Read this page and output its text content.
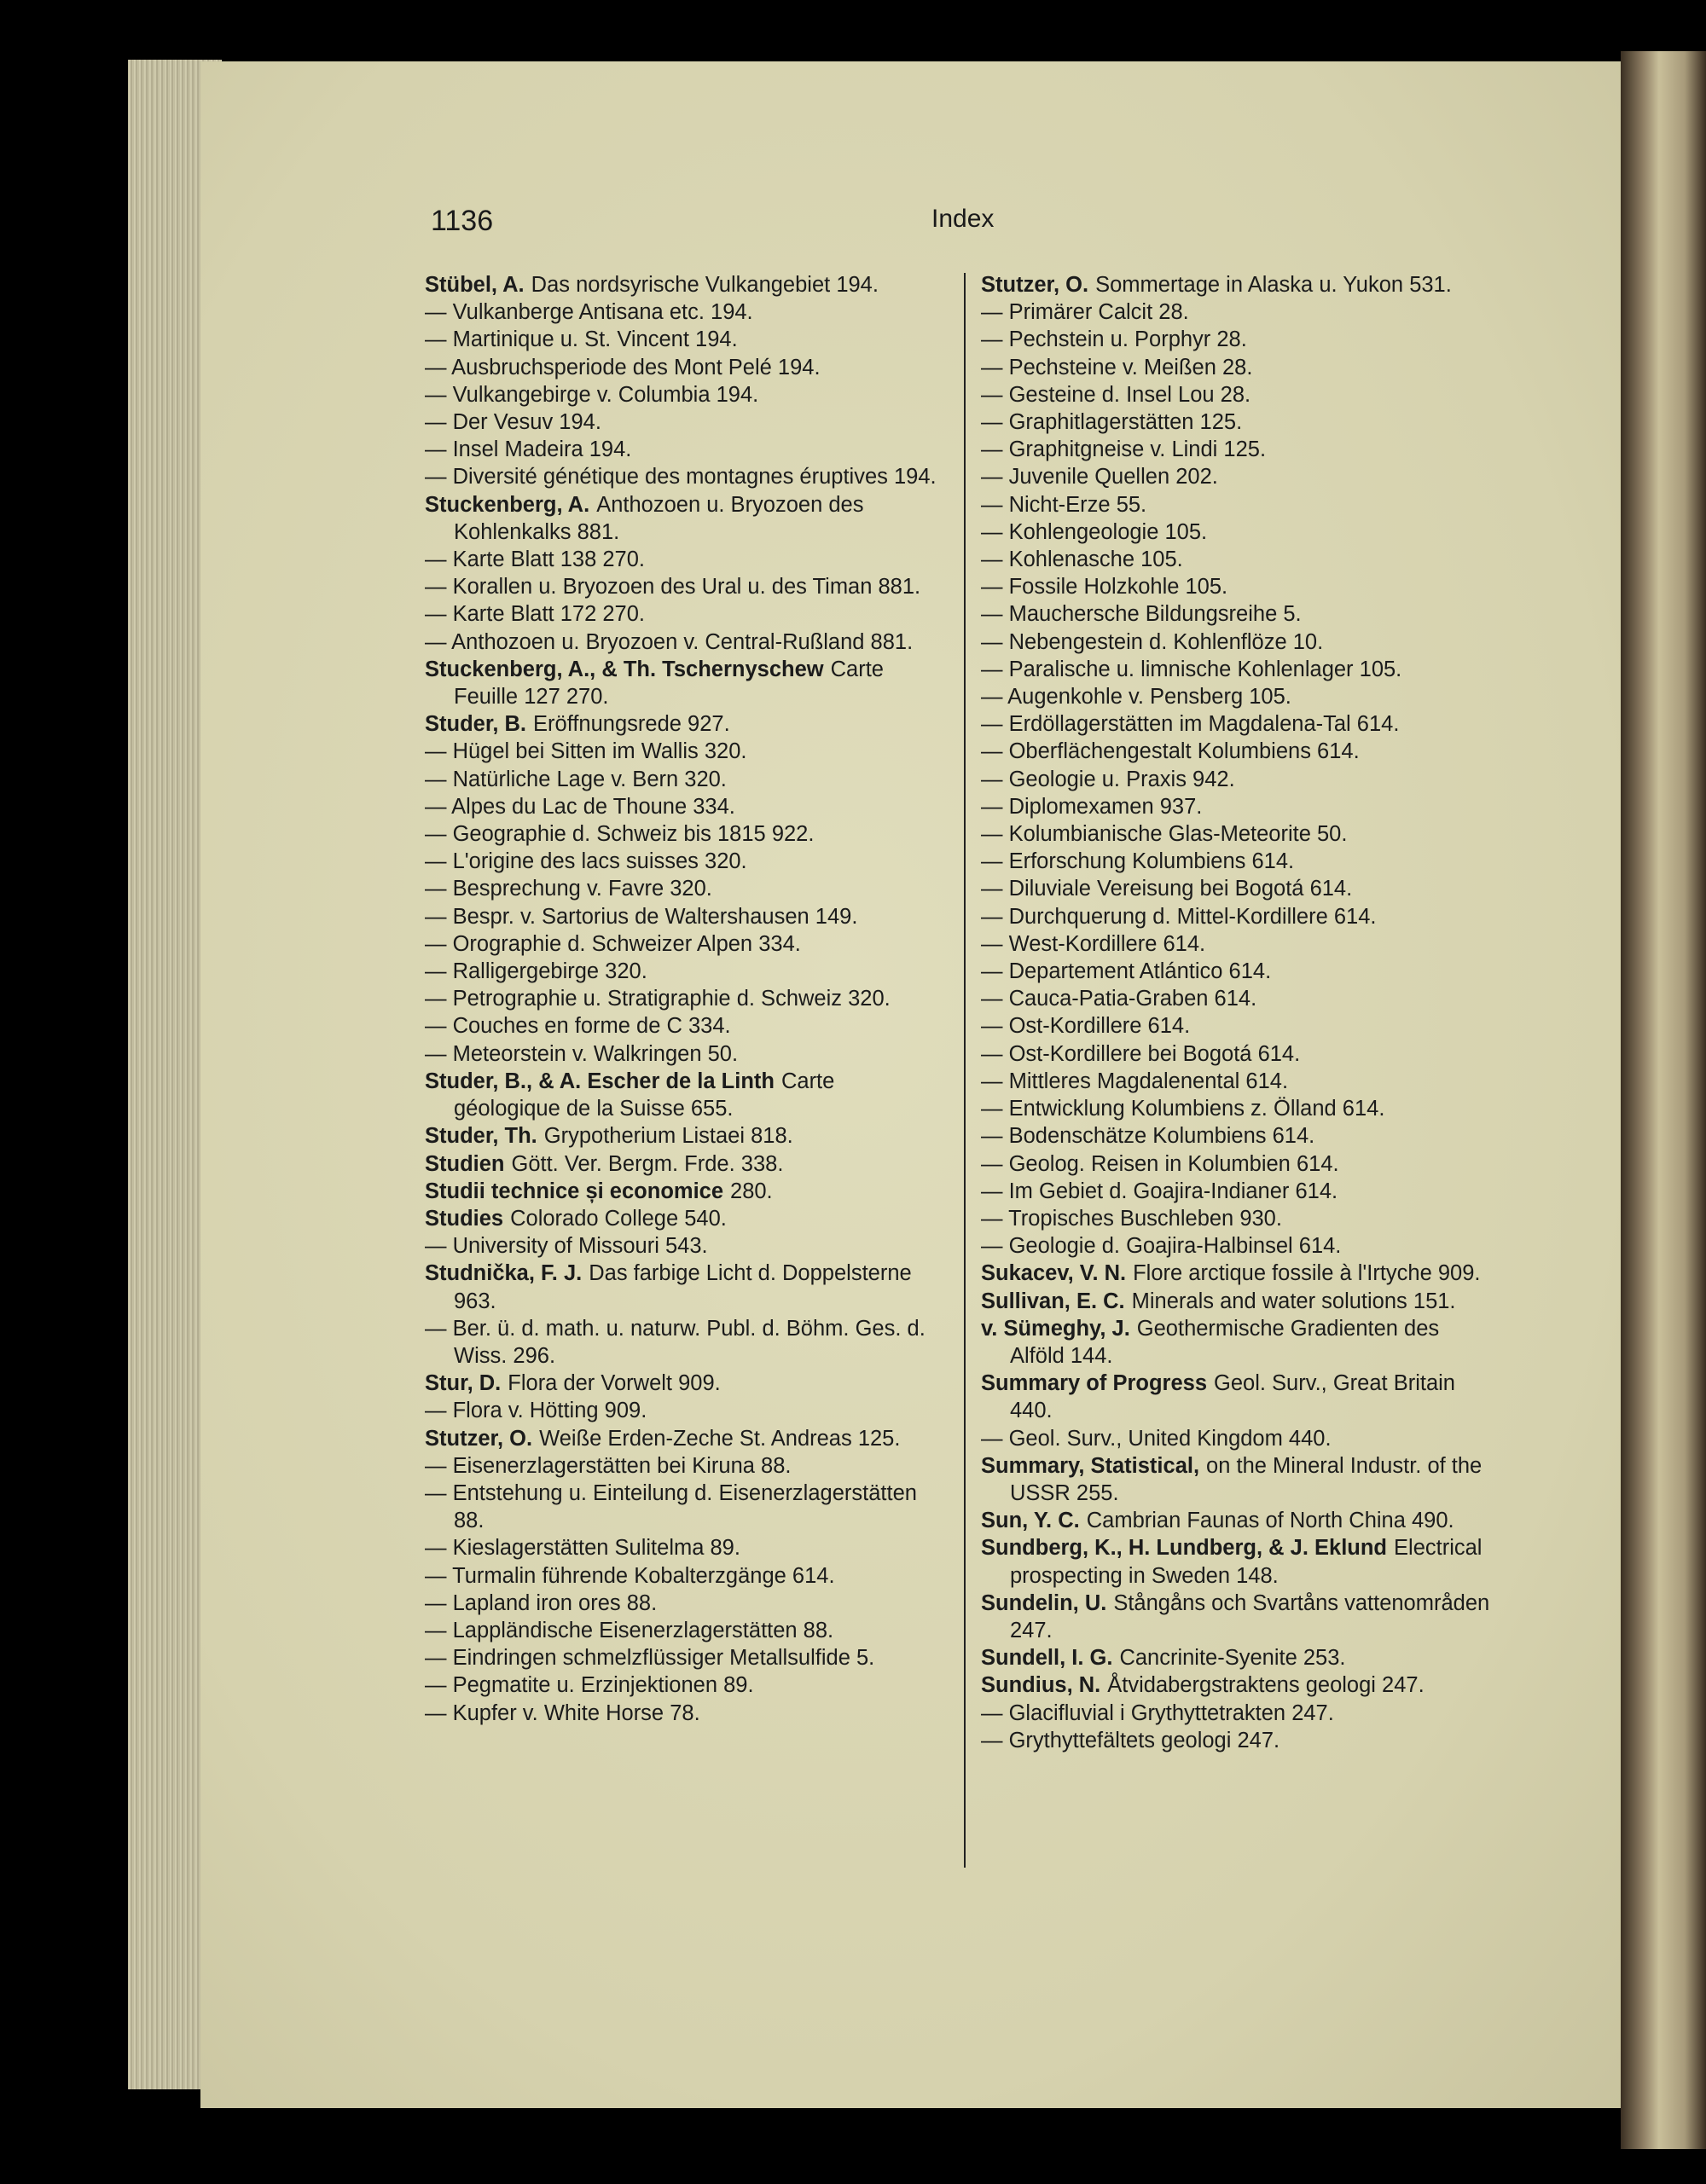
1136	Index
Stübel, A. Das nordsyrische Vulkangebiet 194.
— Vulkanberge Antisana etc. 194.
— Martinique u. St. Vincent 194.
— Ausbruchsperiode des Mont Pelé 194.
— Vulkangebirge v. Columbia 194.
— Der Vesuv 194.
— Insel Madeira 194.
— Diversité génétique des montagnes éruptives 194.
Stuckenberg, A. Anthozoen u. Bryozoen des Kohlenkalks 881.
— Karte Blatt 138 270.
— Korallen u. Bryozoen des Ural u. des Timan 881.
— Karte Blatt 172 270.
— Anthozoen u. Bryozoen v. Central-Rußland 881.
Stuckenberg, A., & Th. Tschernyschew Carte Feuille 127 270.
Studer, B. Eröffnungsrede 927.
— Hügel bei Sitten im Wallis 320.
— Natürliche Lage v. Bern 320.
— Alpes du Lac de Thoune 334.
— Geographie d. Schweiz bis 1815 922.
— L'origine des lacs suisses 320.
— Besprechung v. Favre 320.
— Bespr. v. Sartorius de Waltershausen 149.
— Orographie d. Schweizer Alpen 334.
— Ralligergebirge 320.
— Petrographie u. Stratigraphie d. Schweiz 320.
— Couches en forme de C 334.
— Meteorstein v. Walkringen 50.
Studer, B., & A. Escher de la Linth Carte géologique de la Suisse 655.
Studer, Th. Grypotherium Listaei 818.
Studien Gött. Ver. Bergm. Frde. 338.
Studii technice și economice 280.
Studies Colorado College 540.
— University of Missouri 543.
Studnička, F. J. Das farbige Licht d. Doppelsterne 963.
— Ber. ü. d. math. u. naturw. Publ. d. Böhm. Ges. d. Wiss. 296.
Stur, D. Flora der Vorwelt 909.
— Flora v. Hötting 909.
Stutzer, O. Weiße Erden-Zeche St. Andreas 125.
— Eisenerzlagerstätten bei Kiruna 88.
— Entstehung u. Einteilung d. Eisenerzlagerstätten 88.
— Kieslagerstätten Sulitelma 89.
— Turmalin führende Kobalterzgänge 614.
— Lapland iron ores 88.
— Lappländische Eisenerzlagerstätten 88.
— Eindringen schmelzflüssiger Metallsulfide 5.
— Pegmatite u. Erzinjektionen 89.
— Kupfer v. White Horse 78.
Stutzer, O. Sommertage in Alaska u. Yukon 531.
— Primärer Calcit 28.
— Pechstein u. Porphyr 28.
— Pechsteine v. Meißen 28.
— Gesteine d. Insel Lou 28.
— Graphitlagerstätten 125.
— Graphitgneise v. Lindi 125.
— Juvenile Quellen 202.
— Nicht-Erze 55.
— Kohlengeologie 105.
— Kohlenasche 105.
— Fossile Holzkohle 105.
— Mauchersche Bildungsreihe 5.
— Nebengestein d. Kohlenflöze 10.
— Paralische u. limnische Kohlenlager 105.
— Augenkohle v. Pensberg 105.
— Erdöllagerstätten im Magdalena-Tal 614.
— Oberflächengestalt Kolumbiens 614.
— Geologie u. Praxis 942.
— Diplomexamen 937.
— Kolumbianische Glas-Meteorite 50.
— Erforschung Kolumbiens 614.
— Diluviale Vereisung bei Bogotá 614.
— Durchquerung d. Mittel-Kordillere 614.
— West-Kordillere 614.
— Departement Atlántico 614.
— Cauca-Patia-Graben 614.
— Ost-Kordillere 614.
— Ost-Kordillere bei Bogotá 614.
— Mittleres Magdalenental 614.
— Entwicklung Kolumbiens z. Ölland 614.
— Bodenschätze Kolumbiens 614.
— Geolog. Reisen in Kolumbien 614.
— Im Gebiet d. Goajira-Indianer 614.
— Tropisches Buschleben 930.
— Geologie d. Goajira-Halbinsel 614.
Sukacev, V. N. Flore arctique fossile à l'Irtyche 909.
Sullivan, E. C. Minerals and water solutions 151.
v. Sümeghy, J. Geothermische Gradienten des Alföld 144.
Summary of Progress Geol. Surv., Great Britain 440.
— Geol. Surv., United Kingdom 440.
Summary, Statistical, on the Mineral Industr. of the USSR 255.
Sun, Y. C. Cambrian Faunas of North China 490.
Sundberg, K., H. Lundberg, & J. Eklund Electrical prospecting in Sweden 148.
Sundelin, U. Stångåns och Svartåns vattenområden 247.
Sundell, I. G. Cancrinite-Syenite 253.
Sundius, N. Åtvidabergstraktens geologi 247.
— Glacifluvial i Grythyttetrakten 247.
— Grythyttefältets geologi 247.
